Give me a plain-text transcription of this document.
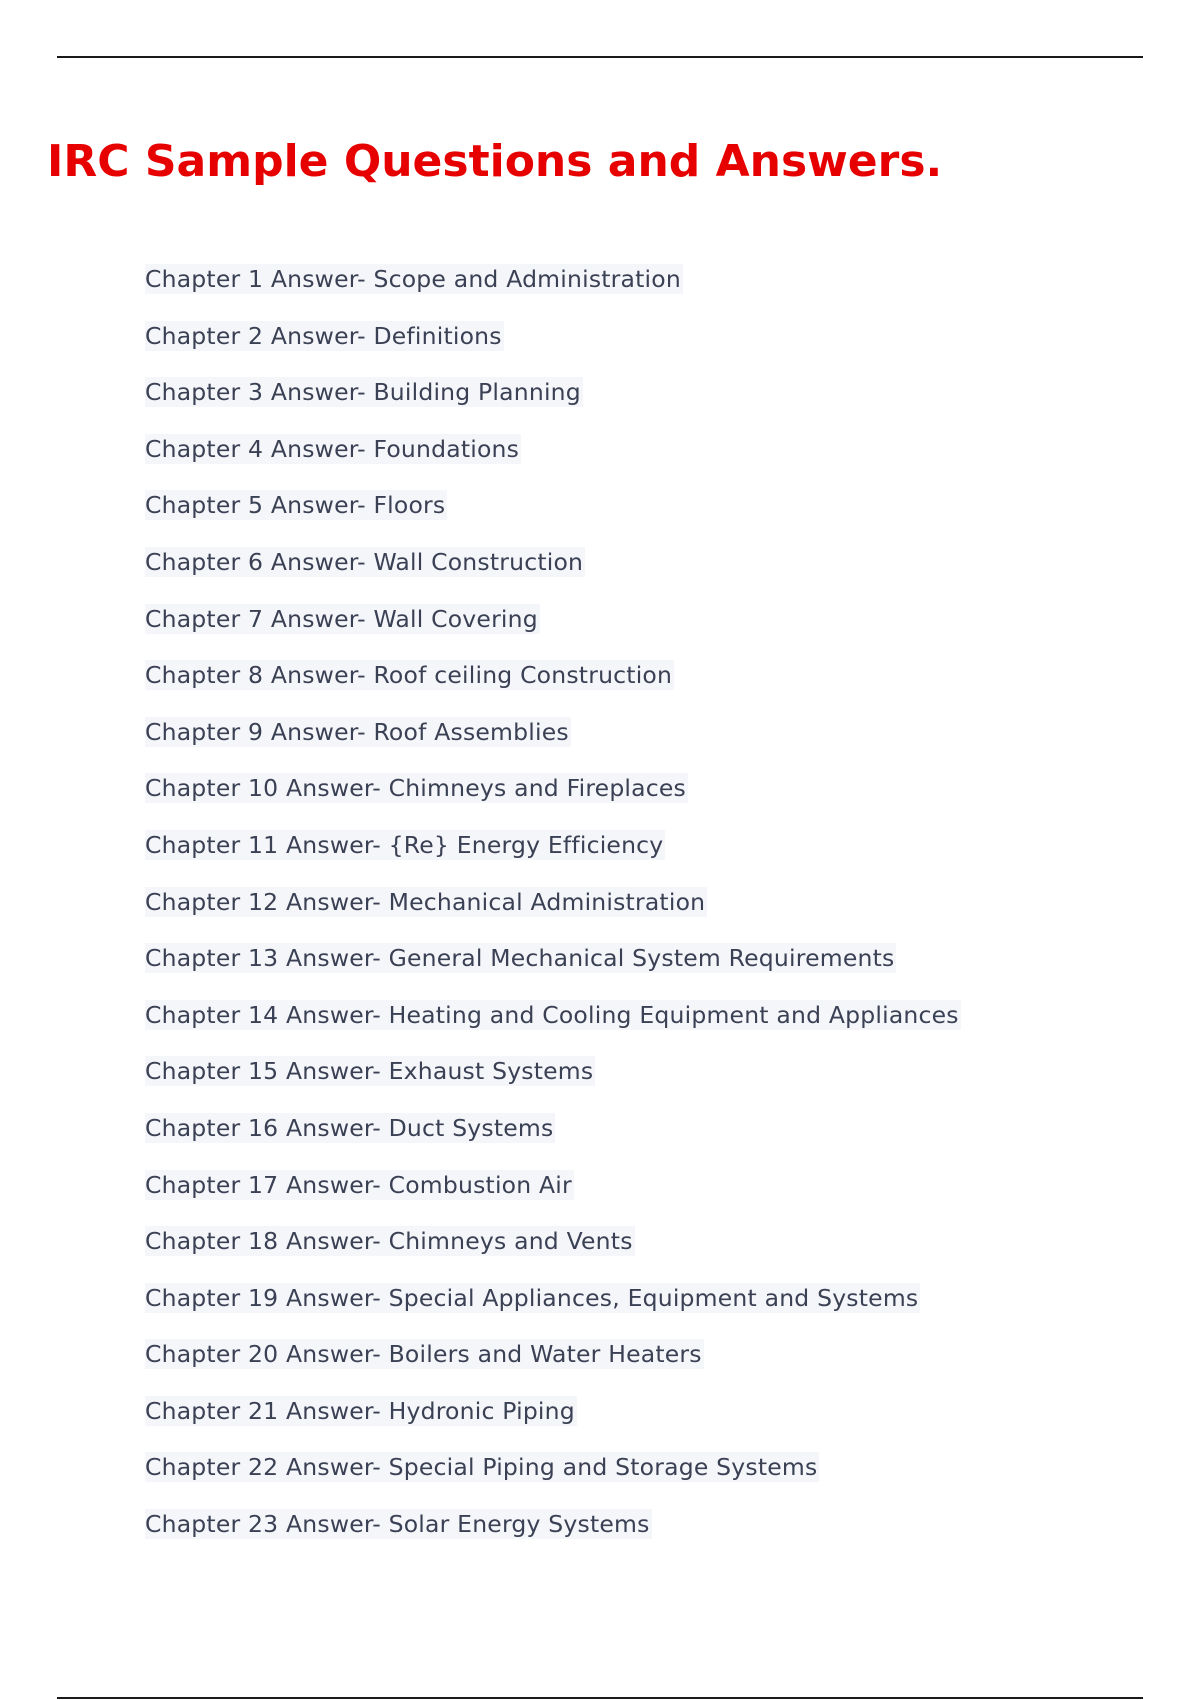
IRC Sample Questions and Answers.
Chapter 1 Answer- Scope and Administration
Chapter 2 Answer- Definitions
Chapter 3 Answer- Building Planning
Chapter 4 Answer- Foundations
Chapter 5 Answer- Floors
Chapter 6 Answer- Wall Construction
Chapter 7 Answer- Wall Covering
Chapter 8 Answer- Roof ceiling Construction
Chapter 9 Answer- Roof Assemblies
Chapter 10 Answer- Chimneys and Fireplaces
Chapter 11 Answer- {Re} Energy Efficiency
Chapter 12 Answer- Mechanical Administration
Chapter 13 Answer- General Mechanical System Requirements
Chapter 14 Answer- Heating and Cooling Equipment and Appliances
Chapter 15 Answer- Exhaust Systems
Chapter 16 Answer- Duct Systems
Chapter 17 Answer- Combustion Air
Chapter 18 Answer- Chimneys and Vents
Chapter 19 Answer- Special Appliances, Equipment and Systems
Chapter 20 Answer- Boilers and Water Heaters
Chapter 21 Answer- Hydronic Piping
Chapter 22 Answer- Special Piping and Storage Systems
Chapter 23 Answer- Solar Energy Systems
